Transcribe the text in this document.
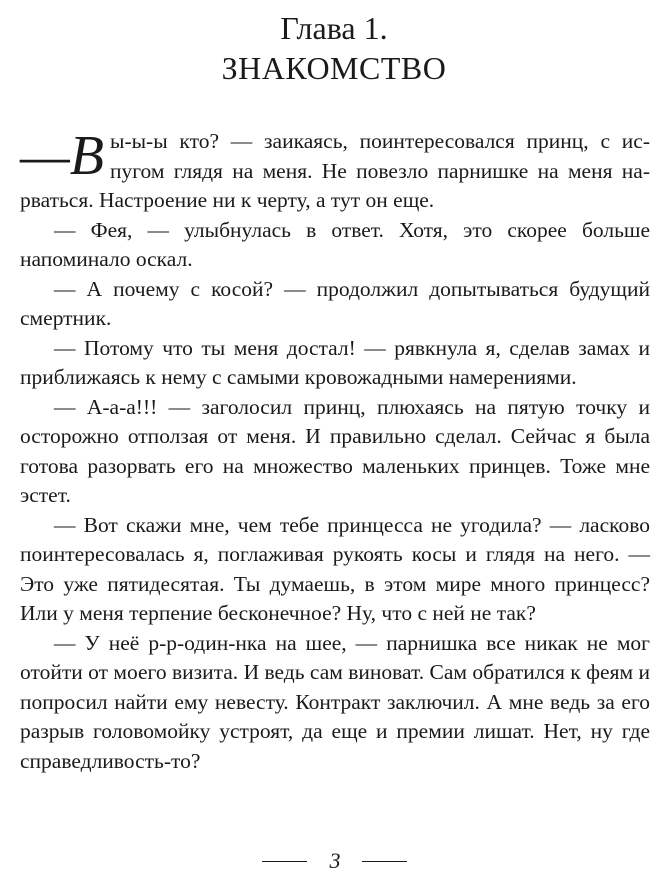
Глава 1.
ЗНАКОМСТВО

—В ы-ы-ы кто? — заикаясь, поинтересовался принц, с испугом глядя на меня. Не повезло парнишке на меня нарваться. Настроение ни к черту, а тут он еще.

— Фея, — улыбнулась в ответ. Хотя, это скорее больше напоминало оскал.

— А почему с косой? — продолжил допытываться будущий смертник.

— Потому что ты меня достал! — рявкнула я, сделав замах и приближаясь к нему с самыми кровожадными намерениями.

— А-а-а!!! — заголосил принц, плюхаясь на пятую точку и осторожно отползая от меня. И правильно сделал. Сейчас я была готова разорвать его на множество маленьких принцев. Тоже мне эстет.

— Вот скажи мне, чем тебе принцесса не угодила? — ласково поинтересовалась я, поглаживая рукоять косы и глядя на него. — Это уже пятидесятая. Ты думаешь, в этом мире много принцесс? Или у меня терпение бесконечное? Ну, что с ней не так?

— У неё р-р-один-нка на шее, — парнишка все никак не мог отойти от моего визита. И ведь сам виноват. Сам обратился к феям и попросил найти ему невесту. Контракт заключил. А мне ведь за его разрыв головомойку устроят, да еще и премии лишат. Нет, ну где справедливость-то?

3
